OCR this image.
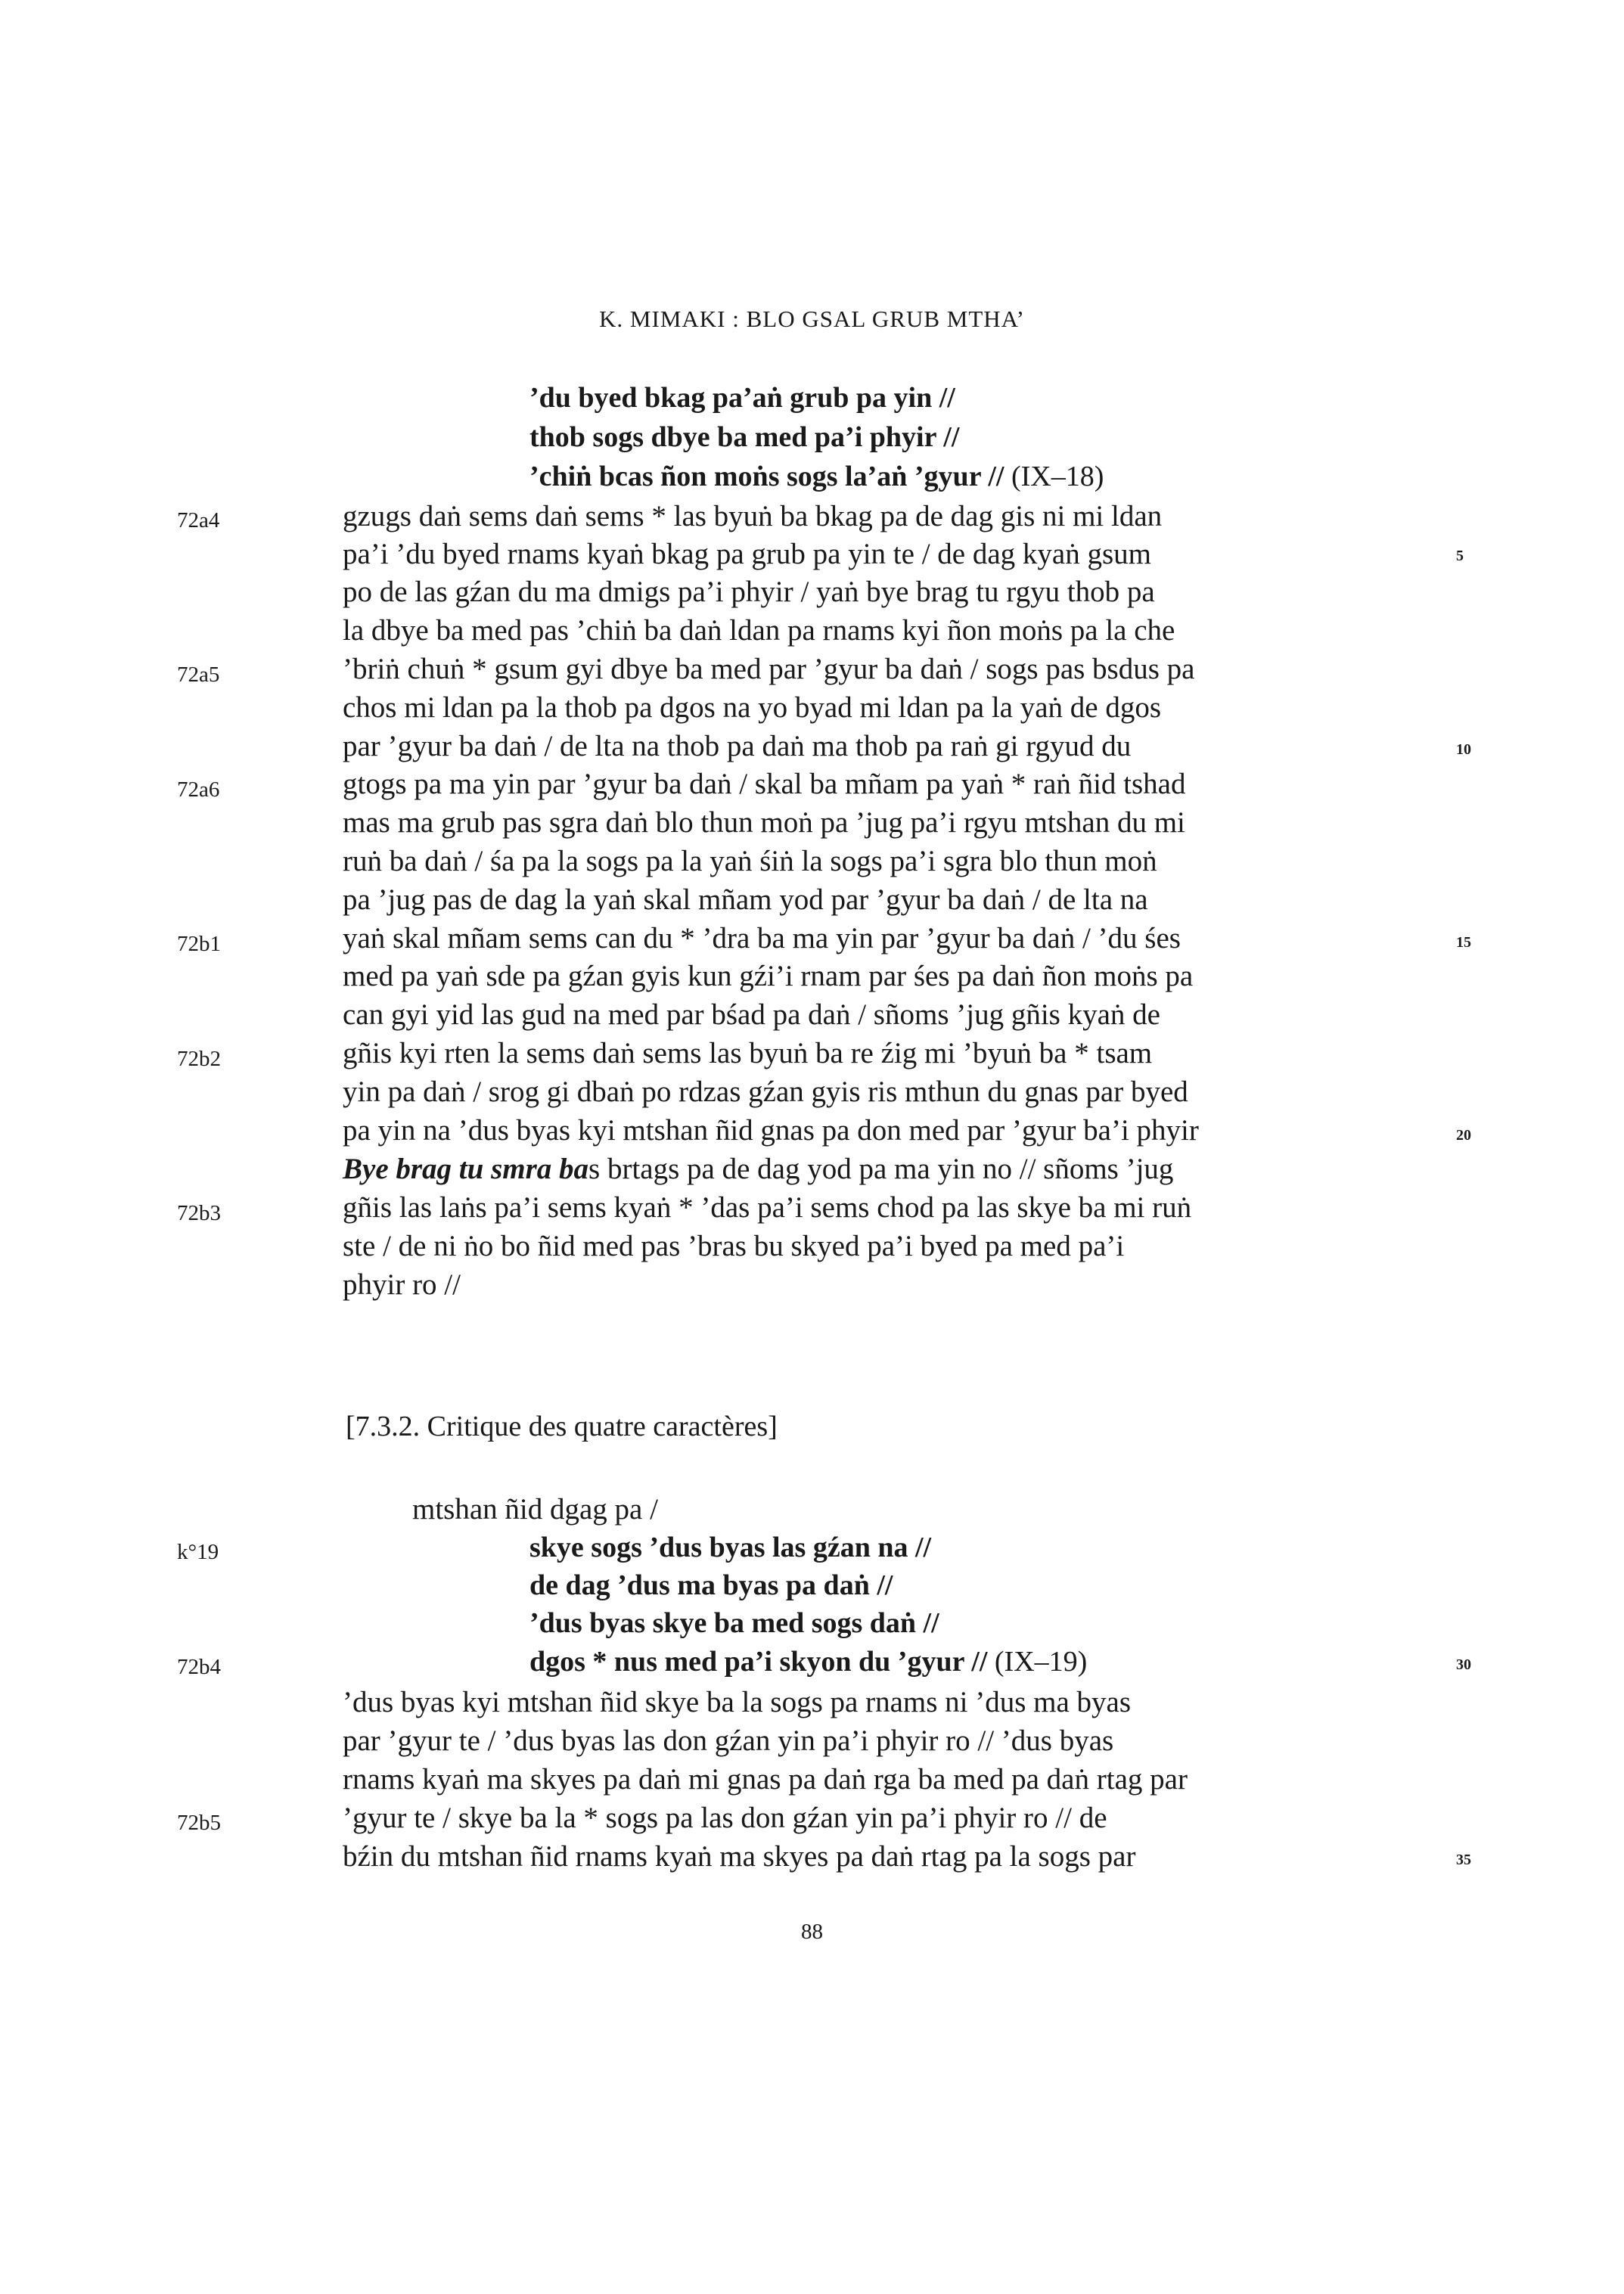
K. MIMAKI : BLO GSAL GRUB MTHA’
’du byed bkag pa’aṅ grub pa yin //
thob sogs dbye ba med pa’i phyir //
’chiṅ bcas ñon moṅs sogs la’aṅ ’gyur // (IX–18)
gzugs daṅ sems daṅ sems * las byuṅ ba bkag pa de dag gis ni mi ldan
pa’i ’du byed rnams kyaṅ bkag pa grub pa yin te / de dag kyaṅ gsum
po de las gźan du ma dmigs pa’i phyir / yaṅ bye brag tu rgyu thob pa
la dbye ba med pas ’chiṅ ba daṅ ldan pa rnams kyi ñon moṅs pa la che
’briṅ chuṅ * gsum gyi dbye ba med par ’gyur ba daṅ / sogs pas bsdus pa
chos mi ldan pa la thob pa dgos na yo byad mi ldan pa la yaṅ de dgos
par ’gyur ba daṅ / de lta na thob pa daṅ ma thob pa raṅ gi rgyud du
gtogs pa ma yin par ’gyur ba daṅ / skal ba mñam pa yaṅ * raṅ ñid tshad
mas ma grub pas sgra daṅ blo thun moṅ pa ’jug pa’i rgyu mtshan du mi
ruṅ ba daṅ / śa pa la sogs pa la yaṅ śiṅ la sogs pa’i sgra blo thun moṅ
pa ’jug pas de dag la yaṅ skal mñam yod par ’gyur ba daṅ / de lta na
yaṅ skal mñam sems can du * ’dra ba ma yin par ’gyur ba daṅ / ’du śes
med pa yaṅ sde pa gźan gyis kun gźi’i rnam par śes pa daṅ ñon moṅs pa
can gyi yid las gud na med par bśad pa daṅ / sñoms ’jug gñis kyaṅ de
gñis kyi rten la sems daṅ sems las byuṅ ba re źig mi ’byuṅ ba * tsam
yin pa daṅ / srog gi dbaṅ po rdzas gźan gyis ris mthun du gnas par byed
pa yin na ’dus byas kyi mtshan ñid gnas pa don med par ’gyur ba’i phyir
Bye brag tu smra bas brtags pa de dag yod pa ma yin no // sñoms ’jug
gñis las laṅs pa’i sems kyaṅ * ’das pa’i sems chod pa las skye ba mi ruṅ
ste / de ni ṅo bo ñid med pas ’bras bu skyed pa’i byed pa med pa’i
phyir ro //
[7.3.2. Critique des quatre caractères]
mtshan ñid dgag pa /
skye sogs ’dus byas las gźan na //
de dag ’dus ma byas pa daṅ //
’dus byas skye ba med sogs daṅ //
dgos * nus med pa’i skyon du ’gyur // (IX–19)
’dus byas kyi mtshan ñid skye ba la sogs pa rnams ni ’dus ma byas
par ’gyur te / ’dus byas las don gźan yin pa’i phyir ro // ’dus byas
rnams kyaṅ ma skyes pa daṅ mi gnas pa daṅ rga ba med pa daṅ rtag par
’gyur te / skye ba la * sogs pa las don gźan yin pa’i phyir ro // de
bźin du mtshan ñid rnams kyaṅ ma skyes pa daṅ rtag pa la sogs par
72a4
72a5
72a6
72b1
72b2
72b3
k°19
72b4
72b5
5
10
15
20
30
35
88
